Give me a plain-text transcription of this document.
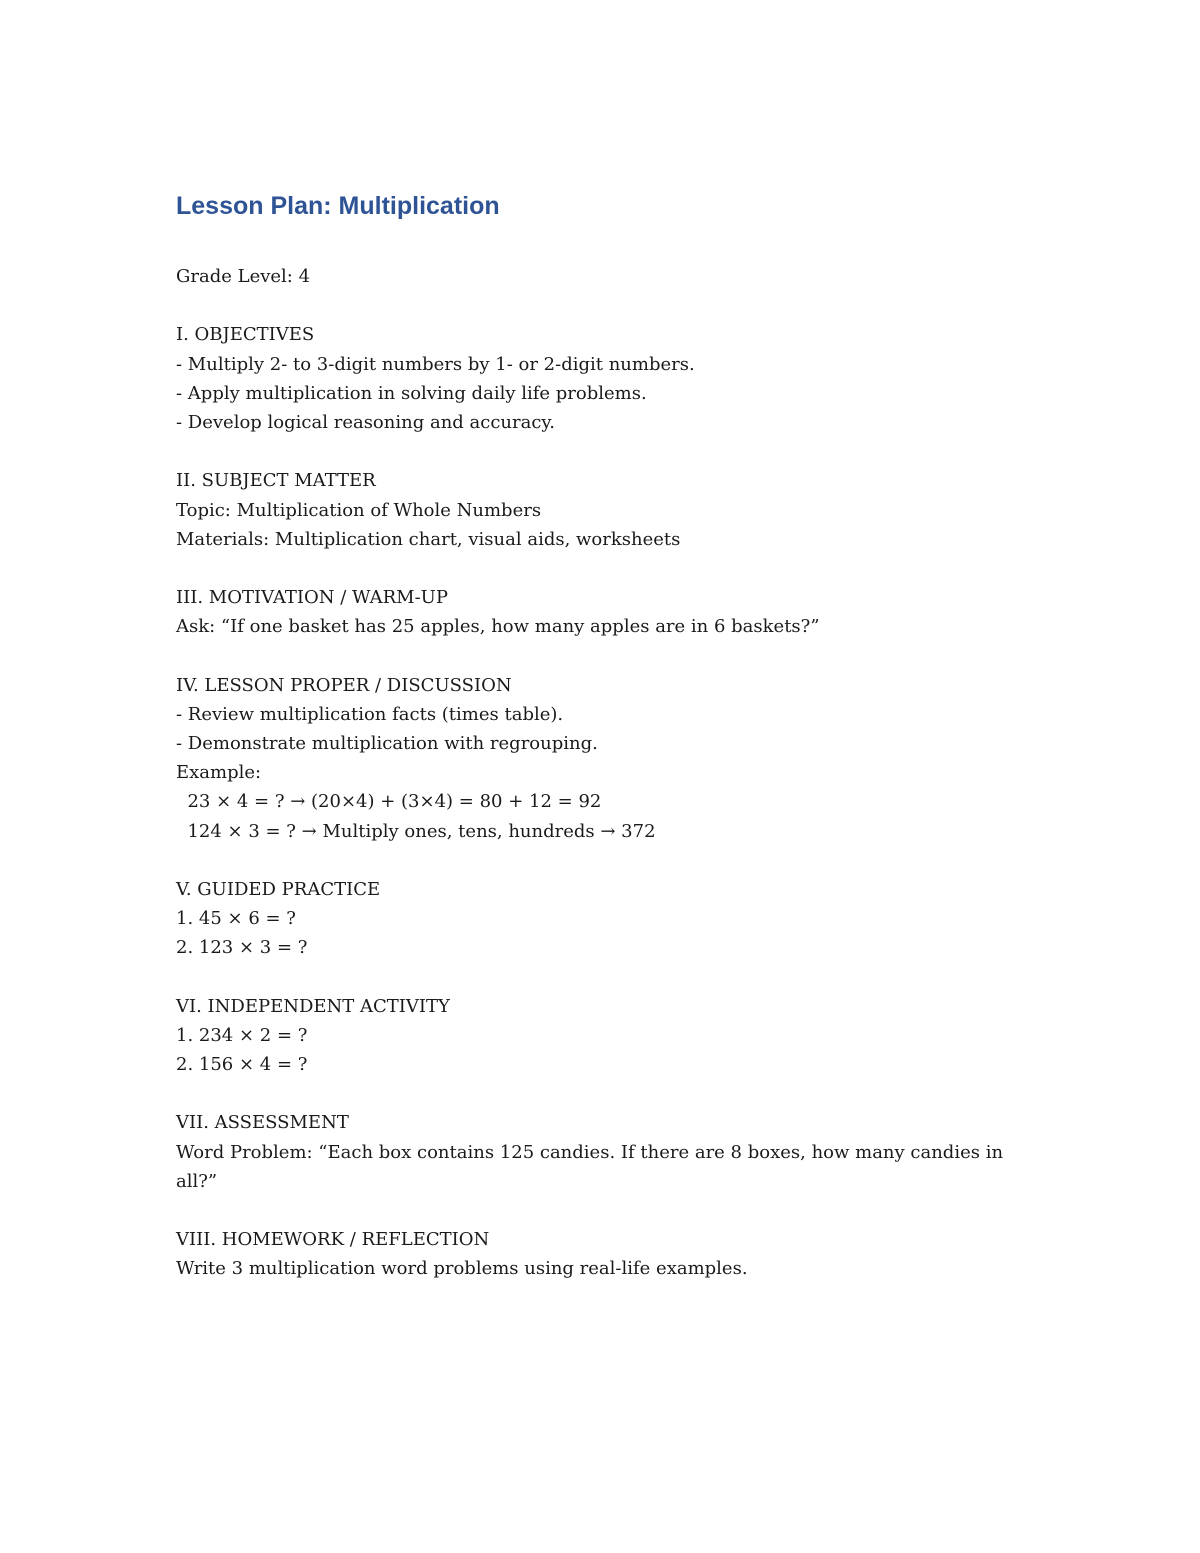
Lesson Plan: Multiplication
Grade Level: 4
I. OBJECTIVES
- Multiply 2- to 3-digit numbers by 1- or 2-digit numbers.
- Apply multiplication in solving daily life problems.
- Develop logical reasoning and accuracy.
II. SUBJECT MATTER
Topic: Multiplication of Whole Numbers
Materials: Multiplication chart, visual aids, worksheets
III. MOTIVATION / WARM-UP
Ask: “If one basket has 25 apples, how many apples are in 6 baskets?”
IV. LESSON PROPER / DISCUSSION
- Review multiplication facts (times table).
- Demonstrate multiplication with regrouping.
Example:
23 × 4 = ? → (20×4) + (3×4) = 80 + 12 = 92
124 × 3 = ? → Multiply ones, tens, hundreds → 372
V. GUIDED PRACTICE
1. 45 × 6 = ?
2. 123 × 3 = ?
VI. INDEPENDENT ACTIVITY
1. 234 × 2 = ?
2. 156 × 4 = ?
VII. ASSESSMENT
Word Problem: “Each box contains 125 candies. If there are 8 boxes, how many candies in all?”
VIII. HOMEWORK / REFLECTION
Write 3 multiplication word problems using real-life examples.
